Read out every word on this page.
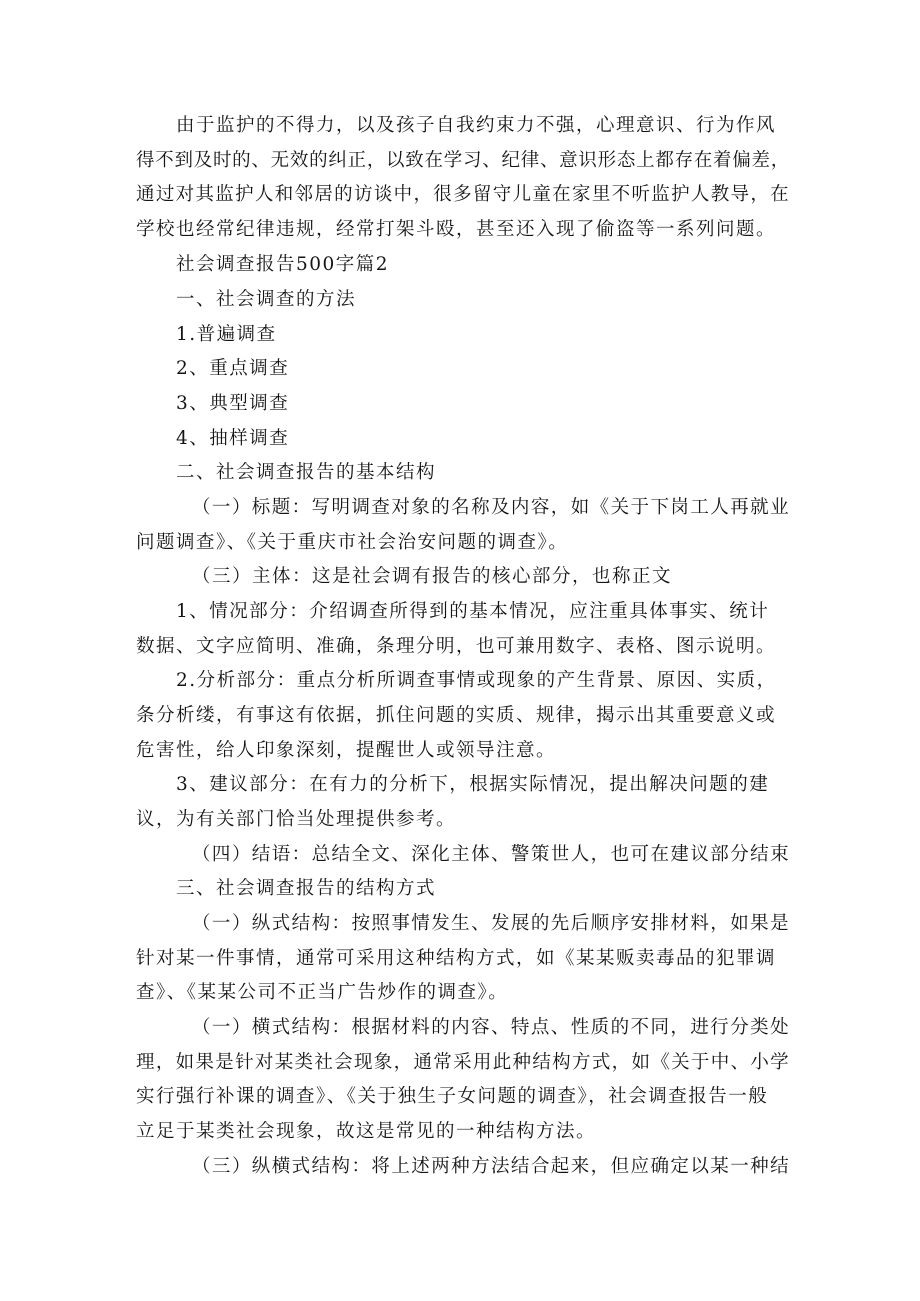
由于监护的不得力，以及孩子自我约束力不强，心理意识、行为作风
得不到及时的、无效的纠正，以致在学习、纪律、意识形态上都存在着偏差，
通过对其监护人和邻居的访谈中，很多留守儿童在家里不听监护人教导，在
学校也经常纪律违规，经常打架斗殴，甚至还入现了偷盗等一系列问题。
社会调查报告500字篇2
一、社会调查的方法
1.普遍调查
2、重点调查
3、典型调查
4、抽样调查
二、社会调查报告的基本结构
（一）标题：写明调查对象的名称及内容，如《关于下岗工人再就业
问题调查》、《关于重庆市社会治安问题的调查》。
（三）主体：这是社会调有报告的核心部分，也称正文
1、情况部分：介绍调查所得到的基本情况，应注重具体事实、统计
数据、文字应简明、准确，条理分明，也可兼用数字、表格、图示说明。
2.分析部分：重点分析所调查事情或现象的产生背景、原因、实质，
条分析缕，有事这有依据，抓住问题的实质、规律，揭示出其重要意义或
危害性，给人印象深刻，提醒世人或领导注意。
3、建议部分：在有力的分析下，根据实际情况，提出解决问题的建
议，为有关部门恰当处理提供参考。
（四）结语：总结全文、深化主体、警策世人，也可在建议部分结束
三、社会调查报告的结构方式
（一）纵式结构：按照事情发生、发展的先后顺序安排材料，如果是
针对某一件事情，通常可采用这种结构方式，如《某某贩卖毒品的犯罪调
查》、《某某公司不正当广告炒作的调查》。
（一）横式结构：根据材料的内容、特点、性质的不同，进行分类处
理，如果是针对某类社会现象，通常采用此种结构方式，如《关于中、小学
实行强行补课的调查》、《关于独生子女问题的调查》，社会调查报告一般
立足于某类社会现象，故这是常见的一种结构方法。
（三）纵横式结构：将上述两种方法结合起来，但应确定以某一种结
